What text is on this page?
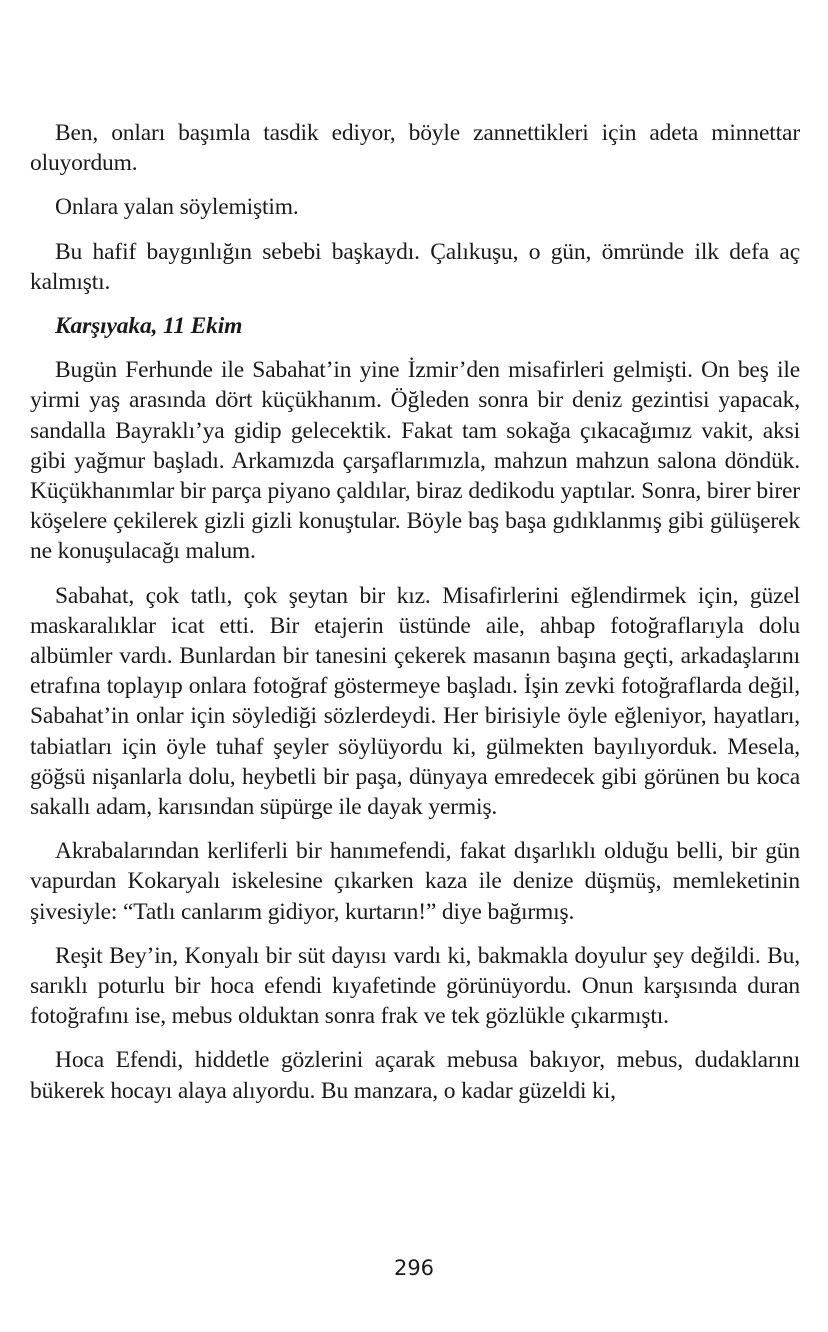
Ben, onları başımla tasdik ediyor, böyle zannettikleri için adeta minnettar oluyordum.

Onlara yalan söylemiştim.

Bu hafif baygınlığın sebebi başkaydı. Çalıkuşu, o gün, ömründe ilk defa aç kalmıştı.

Karşıyaka, 11 Ekim

Bugün Ferhunde ile Sabahat’in yine İzmir’den misafirleri gelmişti. On beş ile yirmi yaş arasında dört küçükhanım. Öğleden sonra bir deniz gezintisi yapacak, sandalla Bayraklı’ya gidip gelecektik. Fakat tam sokağa çıkacağımız vakit, aksi gibi yağmur başladı. Arkamızda çarşaflarımızla, mahzun mahzun salona döndük. Küçükhanımlar bir parça piyano çaldılar, biraz dedikodu yaptılar. Sonra, birer birer köşelere çekilerek gizli gizli konuştular. Böyle baş başa gıdıklanmış gibi gülüşerek ne konuşulacağı malum.

Sabahat, çok tatlı, çok şeytan bir kız. Misafirlerini eğlendirmek için, güzel maskaralıklar icat etti. Bir etajerin üstünde aile, ahbap fotoğraflarıyla dolu albümler vardı. Bunlardan bir tanesini çekerek masanın başına geçti, arkadaşlarını etrafına toplayıp onlara fotoğraf göstermeye başladı. İşin zevki fotoğraflarda değil, Sabahat’in onlar için söylediği sözlerdeydi. Her birisiyle öyle eğleniyor, hayatları, tabiatları için öyle tuhaf şeyler söylüyordu ki, gülmekten bayılıyorduk. Mesela, göğsü nişanlarla dolu, heybetli bir paşa, dünyaya emredecek gibi görünen bu koca sakallı adam, karısından süpürge ile dayak yermiş.

Akrabalarından kerliferli bir hanımefendi, fakat dışarlıklı olduğu belli, bir gün vapurdan Kokaryalı iskelesine çıkarken kaza ile denize düşmüş, memleketinin şivesiyle: “Tatlı canlarım gidiyor, kurtarın!” diye bağırmış.

Reşit Bey’in, Konyalı bir süt dayısı vardı ki, bakmakla doyulur şey değildi. Bu, sarıklı poturlu bir hoca efendi kıyafetinde görünüyordu. Onun karşısında duran fotoğrafını ise, mebus olduktan sonra frak ve tek gözlükle çıkarmıştı.

Hoca Efendi, hiddetle gözlerini açarak mebusa bakıyor, mebus, dudaklarını bükerek hocayı alaya alıyordu. Bu manzara, o kadar güzeldi ki,

296
